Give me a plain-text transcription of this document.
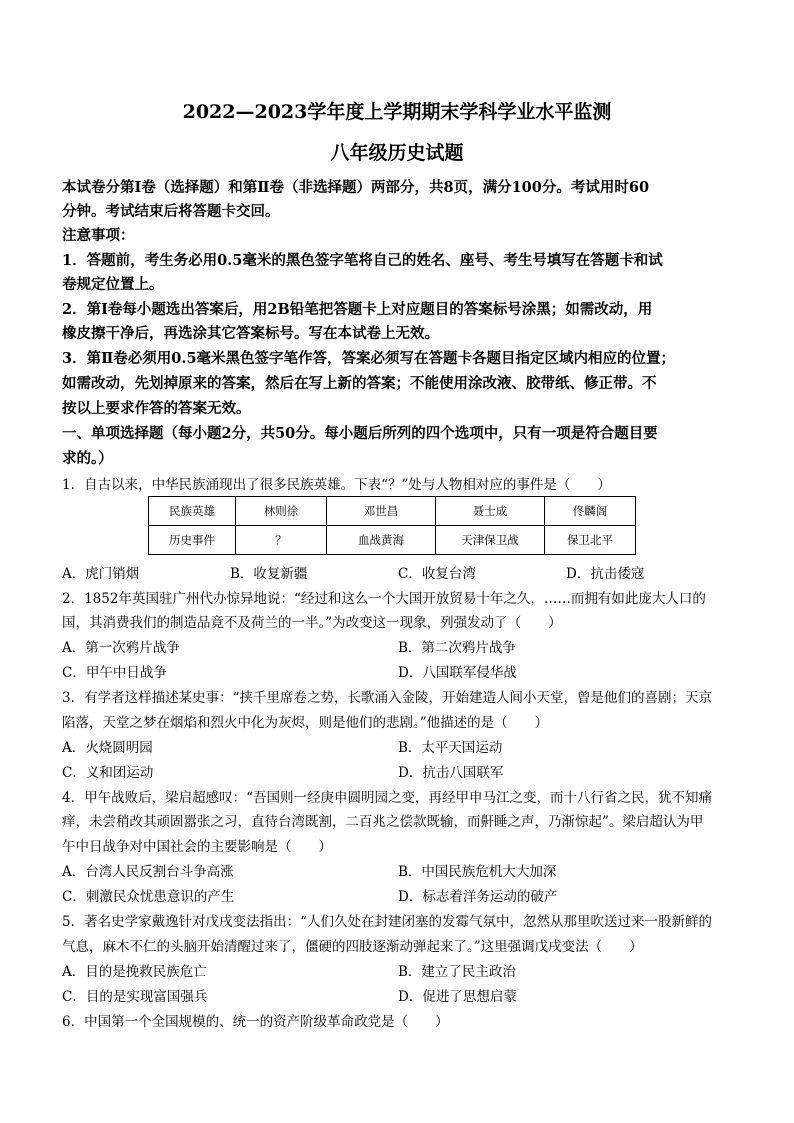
2022—2023学年度上学期期末学科学业水平监测
八年级历史试题
本试卷分第Ⅰ卷（选择题）和第Ⅱ卷（非选择题）两部分，共8页，满分100分。考试用时60
分钟。考试结束后将答题卡交回。
注意事项：
1．答题前，考生务必用0.5毫米的黑色签字笔将自己的姓名、座号、考生号填写在答题卡和试
卷规定位置上。
2．第Ⅰ卷每小题选出答案后，用2B铅笔把答题卡上对应题目的答案标号涂黑；如需改动，用
橡皮擦干净后，再选涂其它答案标号。写在本试卷上无效。
3．第Ⅱ卷必须用0.5毫米黑色签字笔作答，答案必须写在答题卡各题目指定区域内相应的位置；
如需改动，先划掉原来的答案，然后在写上新的答案；不能使用涂改液、胶带纸、修正带。不
按以上要求作答的答案无效。
一、单项选择题（每小题2分，共50分。每小题后所列的四个选项中，只有一项是符合题目要
求的。）
1．自古以来，中华民族涌现出了很多民族英雄。下表“？”处与人物相对应的事件是（　　）
民族英雄	林则徐	邓世昌	聂士成	佟麟阁
历史事件	？	血战黄海	天津保卫战	保卫北平
A．虎门销烟	B．收复新疆	C．收复台湾	D．抗击倭寇
2．1852年英国驻广州代办惊异地说：“经过和这么一个大国开放贸易十年之久，……而拥有如此庞大人口的
国，其消费我们的制造品竟不及荷兰的一半。”为改变这一现象，列强发动了（　　）
A．第一次鸦片战争	B．第二次鸦片战争
C．甲午中日战争	D．八国联军侵华战
3．有学者这样描述某史事：“挟千里席卷之势，长歌涌入金陵，开始建造人间小天堂，曾是他们的喜剧；天京
陷落，天堂之梦在烟焰和烈火中化为灰烬，则是他们的悲剧。”他描述的是（　　）
A．火烧圆明园	B．太平天国运动
C．义和团运动	D．抗击八国联军
4．甲午战败后，梁启超感叹：“吾国则一经庚申圆明园之变，再经甲申马江之变，而十八行省之民，犹不知痛
痒，未尝稍改其顽固嚣张之习，直待台湾既割，二百兆之偿款既输，而鼾睡之声，乃渐惊起”。梁启超认为甲
午中日战争对中国社会的主要影响是（　　）
A．台湾人民反割台斗争高涨	B．中国民族危机大大加深
C．刺激民众忧患意识的产生	D．标志着洋务运动的破产
5．著名史学家戴逸针对戊戌变法指出：“人们久处在封建闭塞的发霉气氛中，忽然从那里吹送过来一股新鲜的
气息，麻木不仁的头脑开始清醒过来了，僵硬的四肢逐渐动弹起来了。”这里强调戊戌变法（　　）
A．目的是挽救民族危亡	B．建立了民主政治
C．目的是实现富国强兵	D．促进了思想启蒙
6．中国第一个全国规模的、统一的资产阶级革命政党是（　　）
